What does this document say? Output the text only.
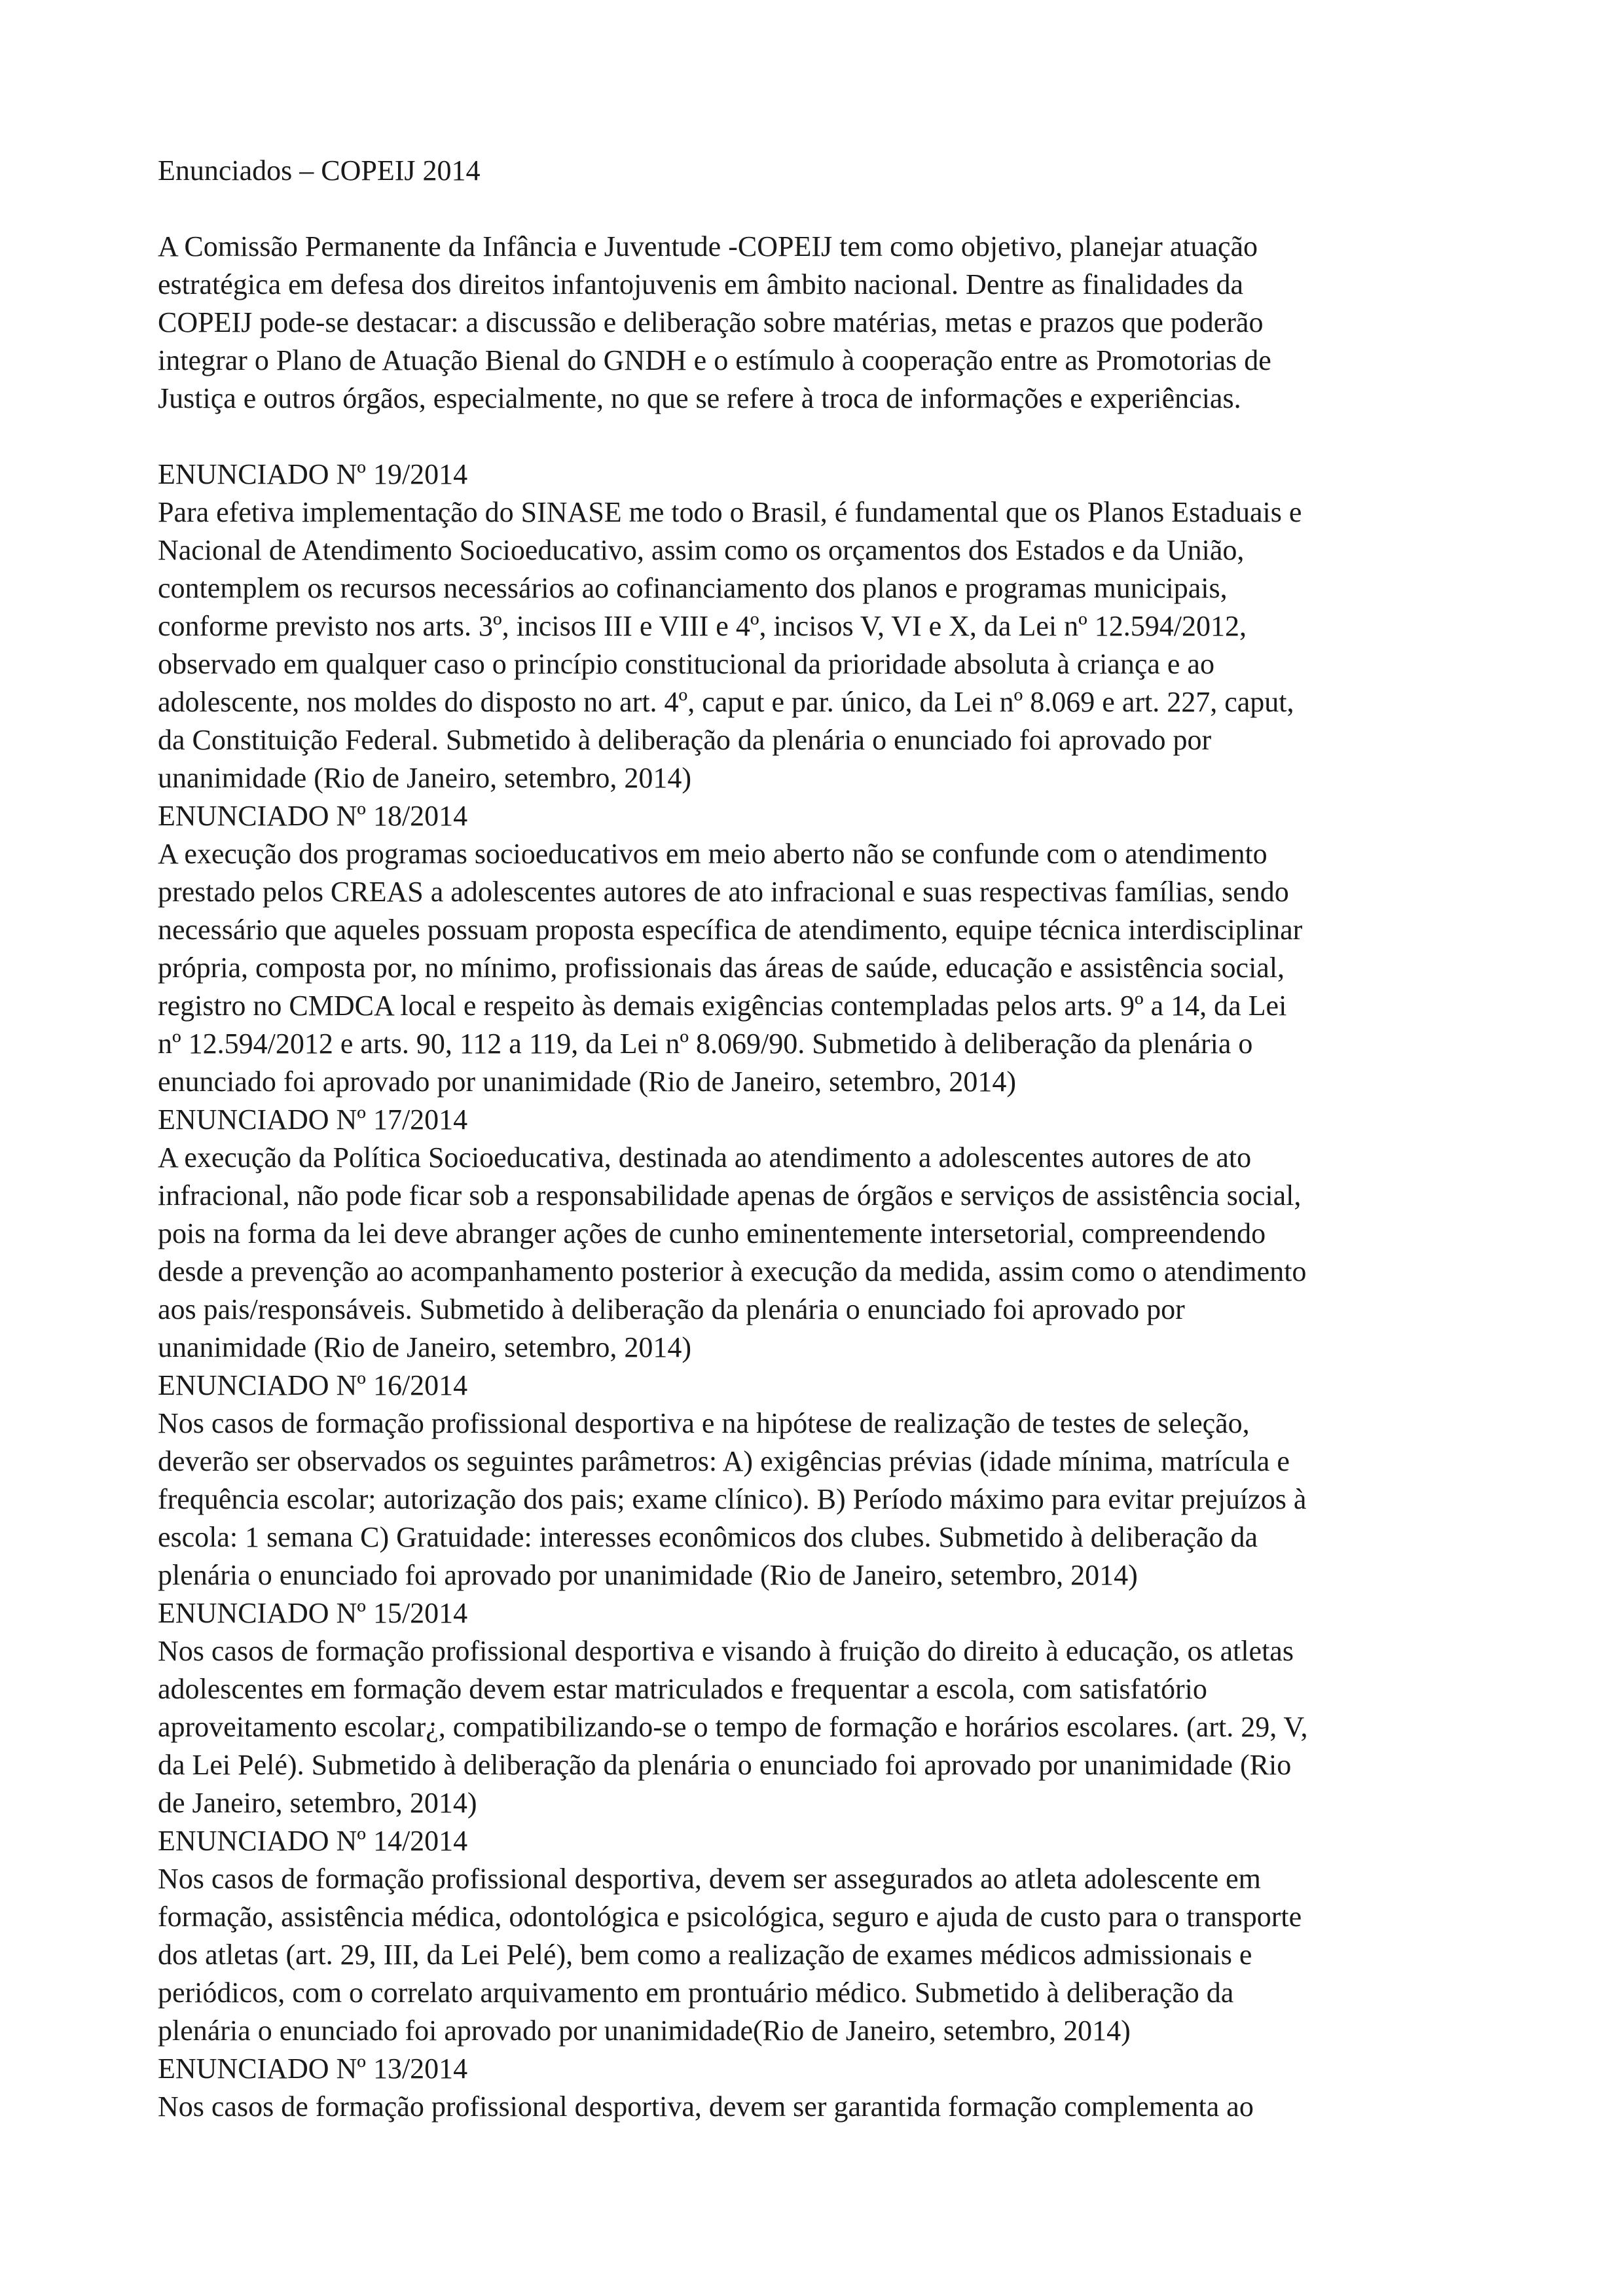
Enunciados – COPEIJ 2014
A Comissão Permanente da Infância e Juventude -COPEIJ tem como objetivo, planejar atuação
estratégica em defesa dos direitos infantojuvenis em âmbito nacional. Dentre as finalidades da
COPEIJ pode-se destacar: a discussão e deliberação sobre matérias, metas e prazos que poderão
integrar o Plano de Atuação Bienal do GNDH e o estímulo à cooperação entre as Promotorias de
Justiça e outros órgãos, especialmente, no que se refere à troca de informações e experiências.
ENUNCIADO Nº 19/2014
Para efetiva implementação do SINASE me todo o Brasil, é fundamental que os Planos Estaduais e
Nacional de Atendimento Socioeducativo, assim como os orçamentos dos Estados e da União,
contemplem os recursos necessários ao cofinanciamento dos planos e programas municipais,
conforme previsto nos arts. 3º, incisos III e VIII e 4º, incisos V, VI e X, da Lei nº 12.594/2012,
observado em qualquer caso o princípio constitucional da prioridade absoluta à criança e ao
adolescente, nos moldes do disposto no art. 4º, caput e par. único, da Lei nº 8.069 e art. 227, caput,
da Constituição Federal. Submetido à deliberação da plenária o enunciado foi aprovado por
unanimidade (Rio de Janeiro, setembro, 2014)
ENUNCIADO Nº 18/2014
A execução dos programas socioeducativos em meio aberto não se confunde com o atendimento
prestado pelos CREAS a adolescentes autores de ato infracional e suas respectivas famílias, sendo
necessário que aqueles possuam proposta específica de atendimento, equipe técnica interdisciplinar
própria, composta por, no mínimo, profissionais das áreas de saúde, educação e assistência social,
registro no CMDCA local e respeito às demais exigências contempladas pelos arts. 9º a 14, da Lei
nº 12.594/2012 e arts. 90, 112 a 119, da Lei nº 8.069/90. Submetido à deliberação da plenária o
enunciado foi aprovado por unanimidade (Rio de Janeiro, setembro, 2014)
ENUNCIADO Nº 17/2014
A execução da Política Socioeducativa, destinada ao atendimento a adolescentes autores de ato
infracional, não pode ficar sob a responsabilidade apenas de órgãos e serviços de assistência social,
pois na forma da lei deve abranger ações de cunho eminentemente intersetorial, compreendendo
desde a prevenção ao acompanhamento posterior à execução da medida, assim como o atendimento
aos pais/responsáveis. Submetido à deliberação da plenária o enunciado foi aprovado por
unanimidade (Rio de Janeiro, setembro, 2014)
ENUNCIADO Nº 16/2014
Nos casos de formação profissional desportiva e na hipótese de realização de testes de seleção,
deverão ser observados os seguintes parâmetros: A) exigências prévias (idade mínima, matrícula e
frequência escolar; autorização dos pais; exame clínico). B) Período máximo para evitar prejuízos à
escola: 1 semana C) Gratuidade: interesses econômicos dos clubes. Submetido à deliberação da
plenária o enunciado foi aprovado por unanimidade (Rio de Janeiro, setembro, 2014)
ENUNCIADO Nº 15/2014
Nos casos de formação profissional desportiva e visando à fruição do direito à educação, os atletas
adolescentes em formação devem estar matriculados e frequentar a escola, com satisfatório
aproveitamento escolar¿, compatibilizando-se o tempo de formação e horários escolares. (art. 29, V,
da Lei Pelé). Submetido à deliberação da plenária o enunciado foi aprovado por unanimidade (Rio
de Janeiro, setembro, 2014)
ENUNCIADO Nº 14/2014
Nos casos de formação profissional desportiva, devem ser assegurados ao atleta adolescente em
formação, assistência médica, odontológica e psicológica, seguro e ajuda de custo para o transporte
dos atletas (art. 29, III, da Lei Pelé), bem como a realização de exames médicos admissionais e
periódicos, com o correlato arquivamento em prontuário médico. Submetido à deliberação da
plenária o enunciado foi aprovado por unanimidade(Rio de Janeiro, setembro, 2014)
ENUNCIADO Nº 13/2014
Nos casos de formação profissional desportiva, devem ser garantida formação complementa ao
